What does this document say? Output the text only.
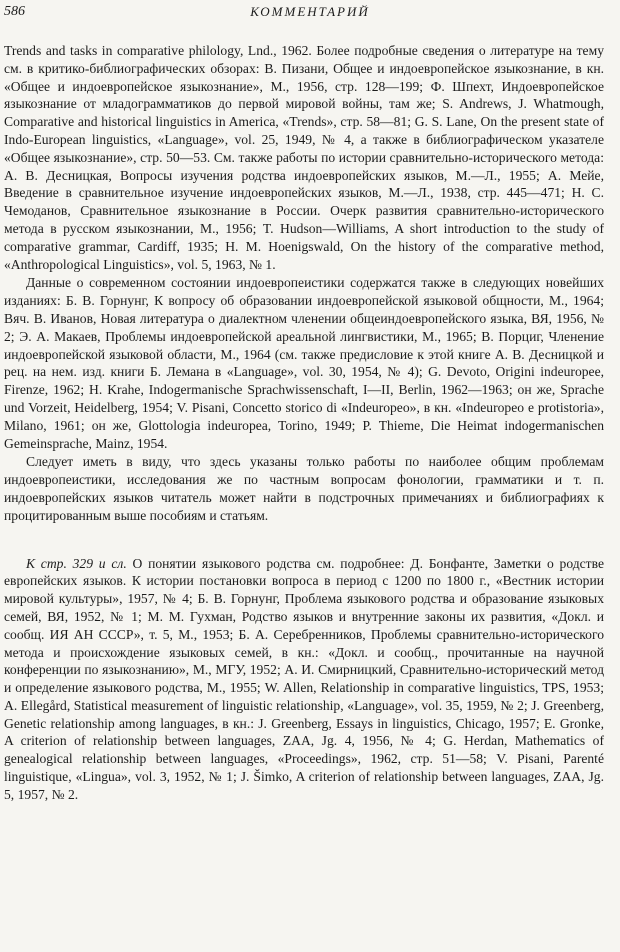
586	КОММЕНТАРИЙ

Trends and tasks in comparative philology, Lnd., 1962. Более подробные сведения о литературе на тему см. в критико-библиографических обзорах: В. Пизани, Общее и индоевропейское языкознание, в кн. «Общее и индоевропейское языкознание», М., 1956, стр. 128—199; Ф. Шпехт, Индоевропейское языкознание от младограмматиков до первой мировой войны, там же; S. Andrews, J. Whatmough, Comparative and historical linguistics in America, «Trends», стр. 58—81; G. S. Lane, On the present state of Indo-European linguistics, «Language», vol. 25, 1949, № 4, а также в библиографическом указателе «Общее языкознание», стр. 50—53. См. также работы по истории сравнительно-исторического метода: А. В. Десницкая, Вопросы изучения родства индоевропейских языков, М.—Л., 1955; А. Мейе, Введение в сравнительное изучение индоевропейских языков, М.—Л., 1938, стр. 445—471; Н. С. Чемоданов, Сравнительное языкознание в России. Очерк развития сравнительно-исторического метода в русском языкознании, М., 1956; T. Hudson—Williams, A short introduction to the study of comparative grammar, Cardiff, 1935; H. M. Hoenigswald, On the history of the comparative method, «Anthropological Linguistics», vol. 5, 1963, № 1.

Данные о современном состоянии индоевропеистики содержатся также в следующих новейших изданиях: Б. В. Горнунг, К вопросу об образовании индоевропейской языковой общности, М., 1964; Вяч. В. Иванов, Новая литература о диалектном членении общеиндоевропейского языка, ВЯ, 1956, № 2; Э. А. Макаев, Проблемы индоевропейской ареальной лингвистики, М., 1965; В. Порциг, Членение индоевропейской языковой области, М., 1964 (см. также предисловие к этой книге А. В. Десницкой и рец. на нем. изд. книги Б. Лемана в «Language», vol. 30, 1954, № 4); G. Devoto, Origini indeuropee, Firenze, 1962; H. Krahe, Indogermanische Sprachwissenschaft, I—II, Berlin, 1962—1963; он же, Sprache und Vorzeit, Heidelberg, 1954; V. Pisani, Concetto storico di «Indeuropeo», в кн. «Indeuropeo e protistoria», Milano, 1961; он же, Glottologia indeuropea, Torino, 1949; P. Thieme, Die Heimat indogermanischen Gemeinsprache, Mainz, 1954.

Следует иметь в виду, что здесь указаны только работы по наиболее общим проблемам индоевропеистики, исследования же по частным вопросам фонологии, грамматики и т. п. индоевропейских языков читатель может найти в подстрочных примечаниях и библиографиях к процитированным выше пособиям и статьям.

К стр. 329 и сл. О понятии языкового родства см. подробнее: Д. Бонфанте, Заметки о родстве европейских языков. К истории постановки вопроса в период с 1200 по 1800 г., «Вестник истории мировой культуры», 1957, № 4; Б. В. Горнунг, Проблема языкового родства и образование языковых семей, ВЯ, 1952, № 1; М. М. Гухман, Родство языков и внутренние законы их развития, «Докл. и сообщ. ИЯ АН СССР», т. 5, М., 1953; Б. А. Серебренников, Проблемы сравнительно-исторического метода и происхождение языковых семей, в кн.: «Докл. и сообщ., прочитанные на научной конференции по языкознанию», М., МГУ, 1952; А. И. Смирницкий, Сравнительно-исторический метод и определение языкового родства, М., 1955; W. Allen, Relationship in comparative linguistics, TPS, 1953; A. Ellegård, Statistical measurement of linguistic relationship, «Language», vol. 35, 1959, № 2; J. Greenberg, Genetic relationship among languages, в кн.: J. Greenberg, Essays in linguistics, Chicago, 1957; E. Gronke, A criterion of relationship between languages, ZAA, Jg. 4, 1956, № 4; G. Herdan, Mathematics of genealogical relationship between languages, «Proceedings», 1962, стр. 51—58; V. Pisani, Parenté linguistique, «Lingua», vol. 3, 1952, № 1; J. Šimko, A criterion of relationship between languages, ZAA, Jg. 5, 1957, № 2.
